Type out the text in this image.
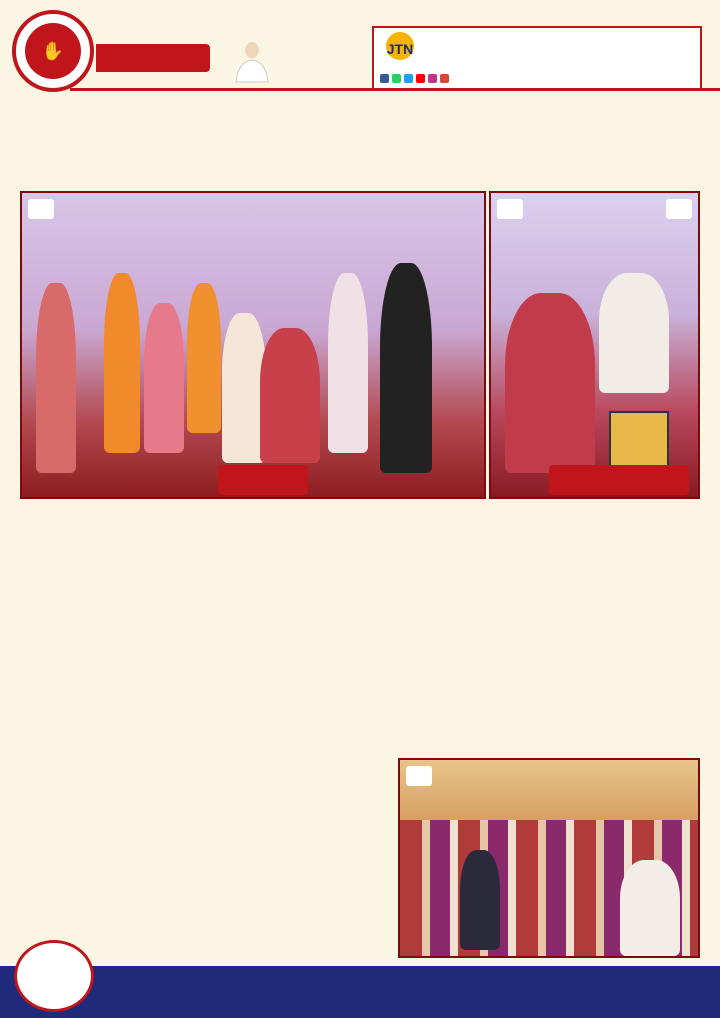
✋	JTN
